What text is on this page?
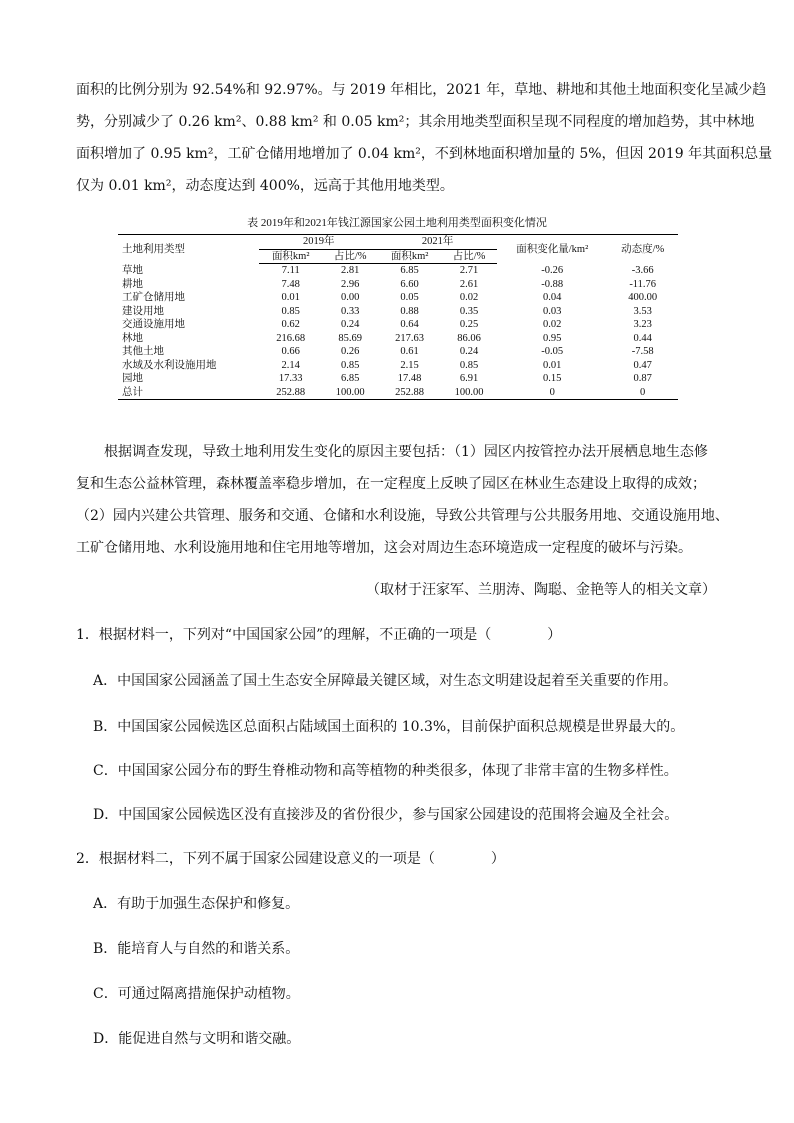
面积的比例分别为 92.54%和 92.97%。与 2019 年相比，2021 年，草地、耕地和其他土地面积变化呈减少趋
势，分别减少了 0.26 km²、0.88 km² 和 0.05 km²；其余用地类型面积呈现不同程度的增加趋势，其中林地
面积增加了 0.95 km²，工矿仓储用地增加了 0.04 km²，不到林地面积增加量的 5%，但因 2019 年其面积总量
仅为 0.01 km²，动态度达到 400%，远高于其他用地类型。
表 2019年和2021年钱江源国家公园土地利用类型面积变化情况
土地利用类型	2019年		2021年		面积变化量/km²	动态度/%
	面积km²	占比/%	面积km²	占比/%		
草地	7.11	2.81	6.85	2.71	-0.26	-3.66
耕地	7.48	2.96	6.60	2.61	-0.88	-11.76
工矿仓储用地	0.01	0.00	0.05	0.02	0.04	400.00
建设用地	0.85	0.33	0.88	0.35	0.03	3.53
交通设施用地	0.62	0.24	0.64	0.25	0.02	3.23
林地	216.68	85.69	217.63	86.06	0.95	0.44
其他土地	0.66	0.26	0.61	0.24	-0.05	-7.58
水域及水利设施用地	2.14	0.85	2.15	0.85	0.01	0.47
园地	17.33	6.85	17.48	6.91	0.15	0.87
总计	252.88	100.00	252.88	100.00	0	0
根据调查发现，导致土地利用发生变化的原因主要包括：（1）园区内按管控办法开展栖息地生态修
复和生态公益林管理，森林覆盖率稳步增加，在一定程度上反映了园区在林业生态建设上取得的成效；
（2）园内兴建公共管理、服务和交通、仓储和水利设施，导致公共管理与公共服务用地、交通设施用地、
工矿仓储用地、水利设施用地和住宅用地等增加，这会对周边生态环境造成一定程度的破坏与污染。
（取材于汪家军、兰朋涛、陶聪、金艳等人的相关文章）
1．根据材料一，下列对“中国国家公园”的理解，不正确的一项是（	）
A．中国国家公园涵盖了国土生态安全屏障最关键区域，对生态文明建设起着至关重要的作用。
B．中国国家公园候选区总面积占陆域国土面积的 10.3%，目前保护面积总规模是世界最大的。
C．中国国家公园分布的野生脊椎动物和高等植物的种类很多，体现了非常丰富的生物多样性。
D．中国国家公园候选区没有直接涉及的省份很少，参与国家公园建设的范围将会遍及全社会。
2．根据材料二，下列不属于国家公园建设意义的一项是（	）
A．有助于加强生态保护和修复。
B．能培育人与自然的和谐关系。
C．可通过隔离措施保护动植物。
D．能促进自然与文明和谐交融。
